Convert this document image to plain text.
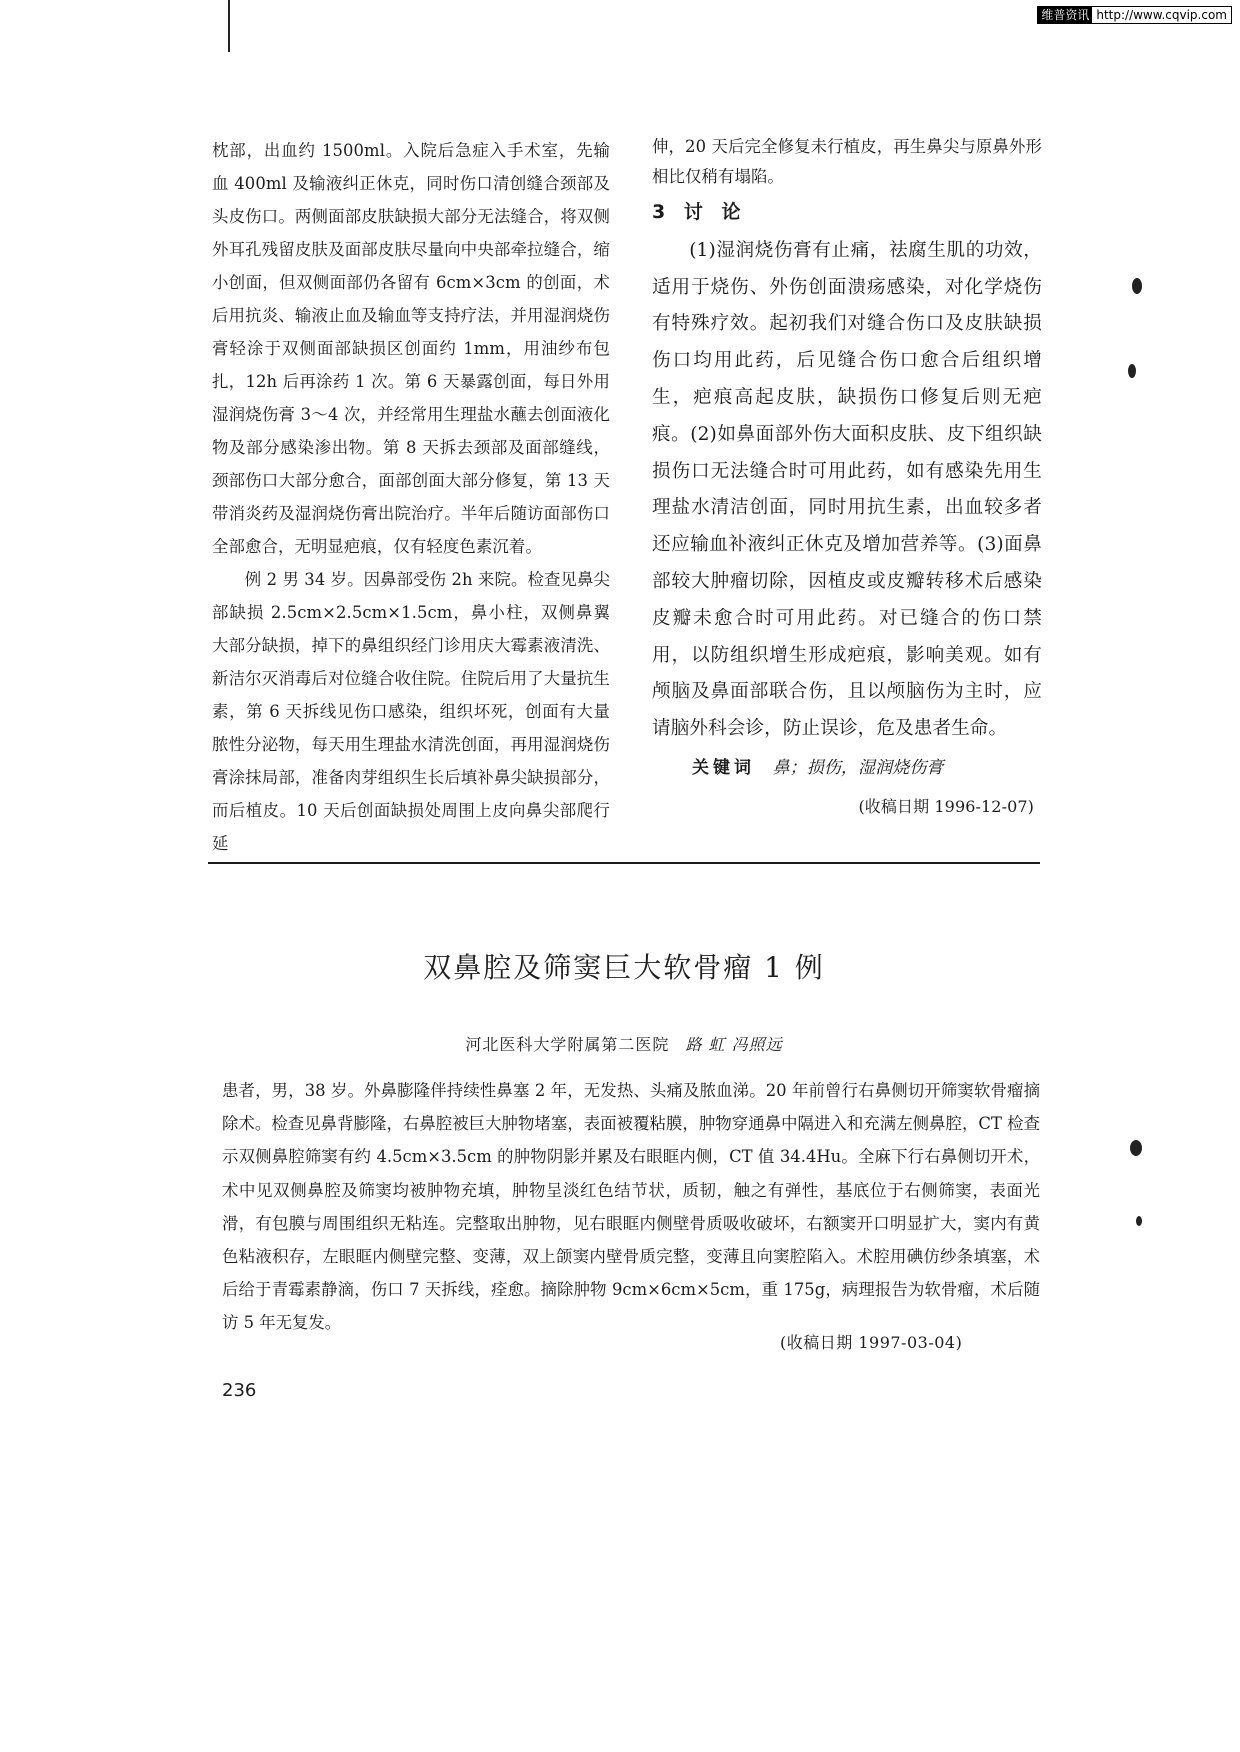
维普资讯 http://www.cqvip.com

枕部，出血约 1500ml。入院后急症入手术室，先输血 400ml 及输液纠正休克，同时伤口清创缝合颈部及头皮伤口。两侧面部皮肤缺损大部分无法缝合，将双侧外耳孔残留皮肤及面部皮肤尽量向中央部牵拉缝合，缩小创面，但双侧面部仍各留有 6cm×3cm 的创面，术后用抗炎、输液止血及输血等支持疗法，并用湿润烧伤膏轻涂于双侧面部缺损区创面约 1mm，用油纱布包扎，12h 后再涂药 1 次。第 6 天暴露创面，每日外用湿润烧伤膏 3～4 次，并经常用生理盐水蘸去创面液化物及部分感染渗出物。第 8 天拆去颈部及面部缝线，颈部伤口大部分愈合，面部创面大部分修复，第 13 天带消炎药及湿润烧伤膏出院治疗。半年后随访面部伤口全部愈合，无明显疤痕，仅有轻度色素沉着。

例 2 男 34 岁。因鼻部受伤 2h 来院。检查见鼻尖部缺损 2.5cm×2.5cm×1.5cm，鼻小柱，双侧鼻翼大部分缺损，掉下的鼻组织经门诊用庆大霉素液清洗、新洁尔灭消毒后对位缝合收住院。住院后用了大量抗生素，第 6 天拆线见伤口感染，组织坏死，创面有大量脓性分泌物，每天用生理盐水清洗创面，再用湿润烧伤膏涂抹局部，准备肉芽组织生长后填补鼻尖缺损部分，而后植皮。10 天后创面缺损处周围上皮向鼻尖部爬行延

伸，20 天后完全修复未行植皮，再生鼻尖与原鼻外形相比仅稍有塌陷。

3 讨 论

(1)湿润烧伤膏有止痛，祛腐生肌的功效，适用于烧伤、外伤创面溃疡感染，对化学烧伤有特殊疗效。起初我们对缝合伤口及皮肤缺损伤口均用此药，后见缝合伤口愈合后组织增生，疤痕高起皮肤，缺损伤口修复后则无疤痕。(2)如鼻面部外伤大面积皮肤、皮下组织缺损伤口无法缝合时可用此药，如有感染先用生理盐水清洁创面，同时用抗生素，出血较多者还应输血补液纠正休克及增加营养等。(3)面鼻部较大肿瘤切除，因植皮或皮瓣转移术后感染皮瓣未愈合时可用此药。对已缝合的伤口禁用，以防组织增生形成疤痕，影响美观。如有颅脑及鼻面部联合伤，且以颅脑伤为主时，应请脑外科会诊，防止误诊，危及患者生命。

关键词 鼻；损伤，湿润烧伤膏

(收稿日期 1996-12-07)

双鼻腔及筛窦巨大软骨瘤 1 例
河北医科大学附属第二医院 路 虹 冯照远

患者，男，38 岁。外鼻膨隆伴持续性鼻塞 2 年，无发热、头痛及脓血涕。20 年前曾行右鼻侧切开筛窦软骨瘤摘除术。检查见鼻背膨隆，右鼻腔被巨大肿物堵塞，表面被覆粘膜，肿物穿通鼻中隔进入和充满左侧鼻腔，CT 检查示双侧鼻腔筛窦有约 4.5cm×3.5cm 的肿物阴影并累及右眼眶内侧，CT 值 34.4Hu。全麻下行右鼻侧切开术，术中见双侧鼻腔及筛窦均被肿物充填，肿物呈淡红色结节状，质韧，触之有弹性，基底位于右侧筛窦，表面光滑，有包膜与周围组织无粘连。完整取出肿物，见右眼眶内侧壁骨质吸收破坏，右额窦开口明显扩大，窦内有黄色粘液积存，左眼眶内侧壁完整、变薄，双上颌窦内壁骨质完整，变薄且向窦腔陷入。术腔用碘仿纱条填塞，术后给于青霉素静滴，伤口 7 天拆线，痊愈。摘除肿物 9cm×6cm×5cm，重 175g，病理报告为软骨瘤，术后随访 5 年无复发。

(收稿日期 1997-03-04)
236
